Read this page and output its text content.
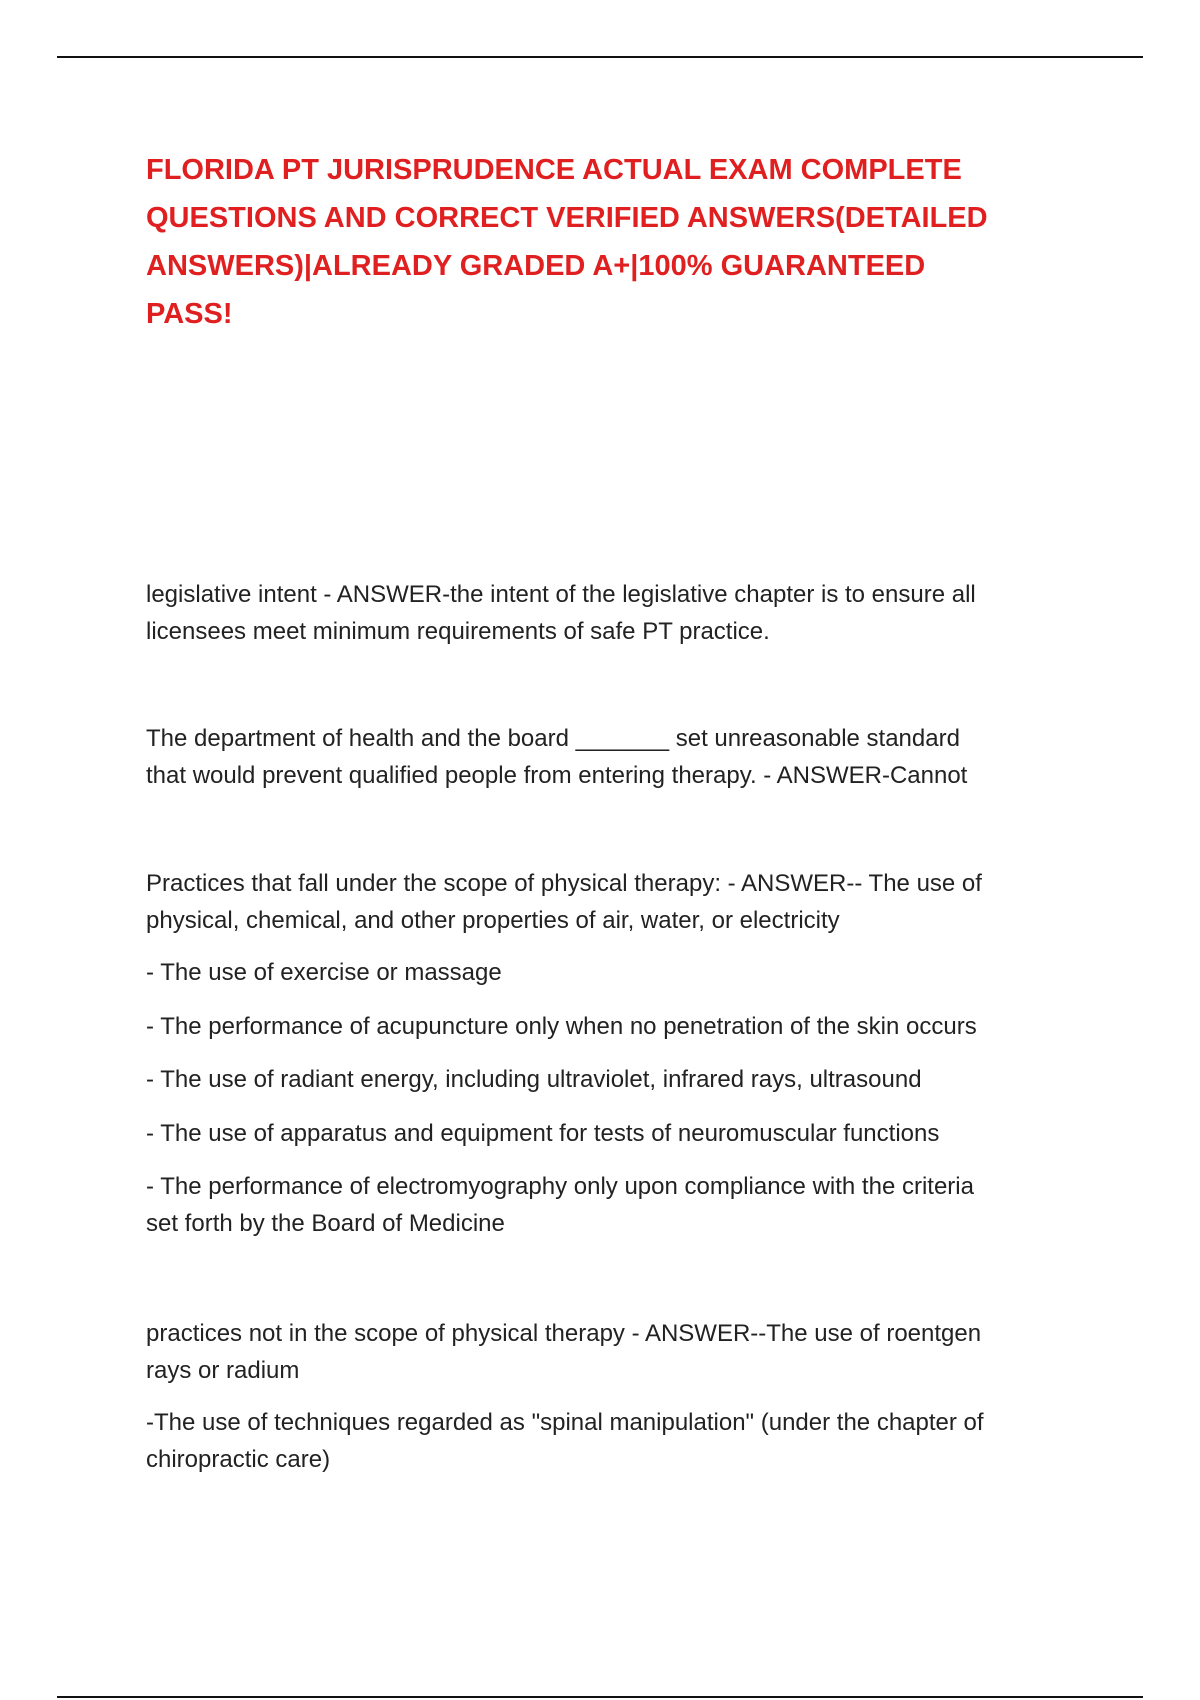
FLORIDA PT JURISPRUDENCE ACTUAL EXAM COMPLETE
QUESTIONS AND CORRECT VERIFIED ANSWERS(DETAILED
ANSWERS)|ALREADY GRADED A+|100% GUARANTEED
PASS!

legislative intent - ANSWER-the intent of the legislative chapter is to ensure all

licensees meet minimum requirements of safe PT practice.

The department of health and the board _______ set unreasonable standard

that would prevent qualified people from entering therapy. - ANSWER-Cannot

Practices that fall under the scope of physical therapy: - ANSWER-- The use of

physical, chemical, and other properties of air, water, or electricity

- The use of exercise or massage

- The performance of acupuncture only when no penetration of the skin occurs

- The use of radiant energy, including ultraviolet, infrared rays, ultrasound

- The use of apparatus and equipment for tests of neuromuscular functions

- The performance of electromyography only upon compliance with the criteria

set forth by the Board of Medicine

practices not in the scope of physical therapy - ANSWER--The use of roentgen

rays or radium

-The use of techniques regarded as "spinal manipulation" (under the chapter of

chiropractic care)
